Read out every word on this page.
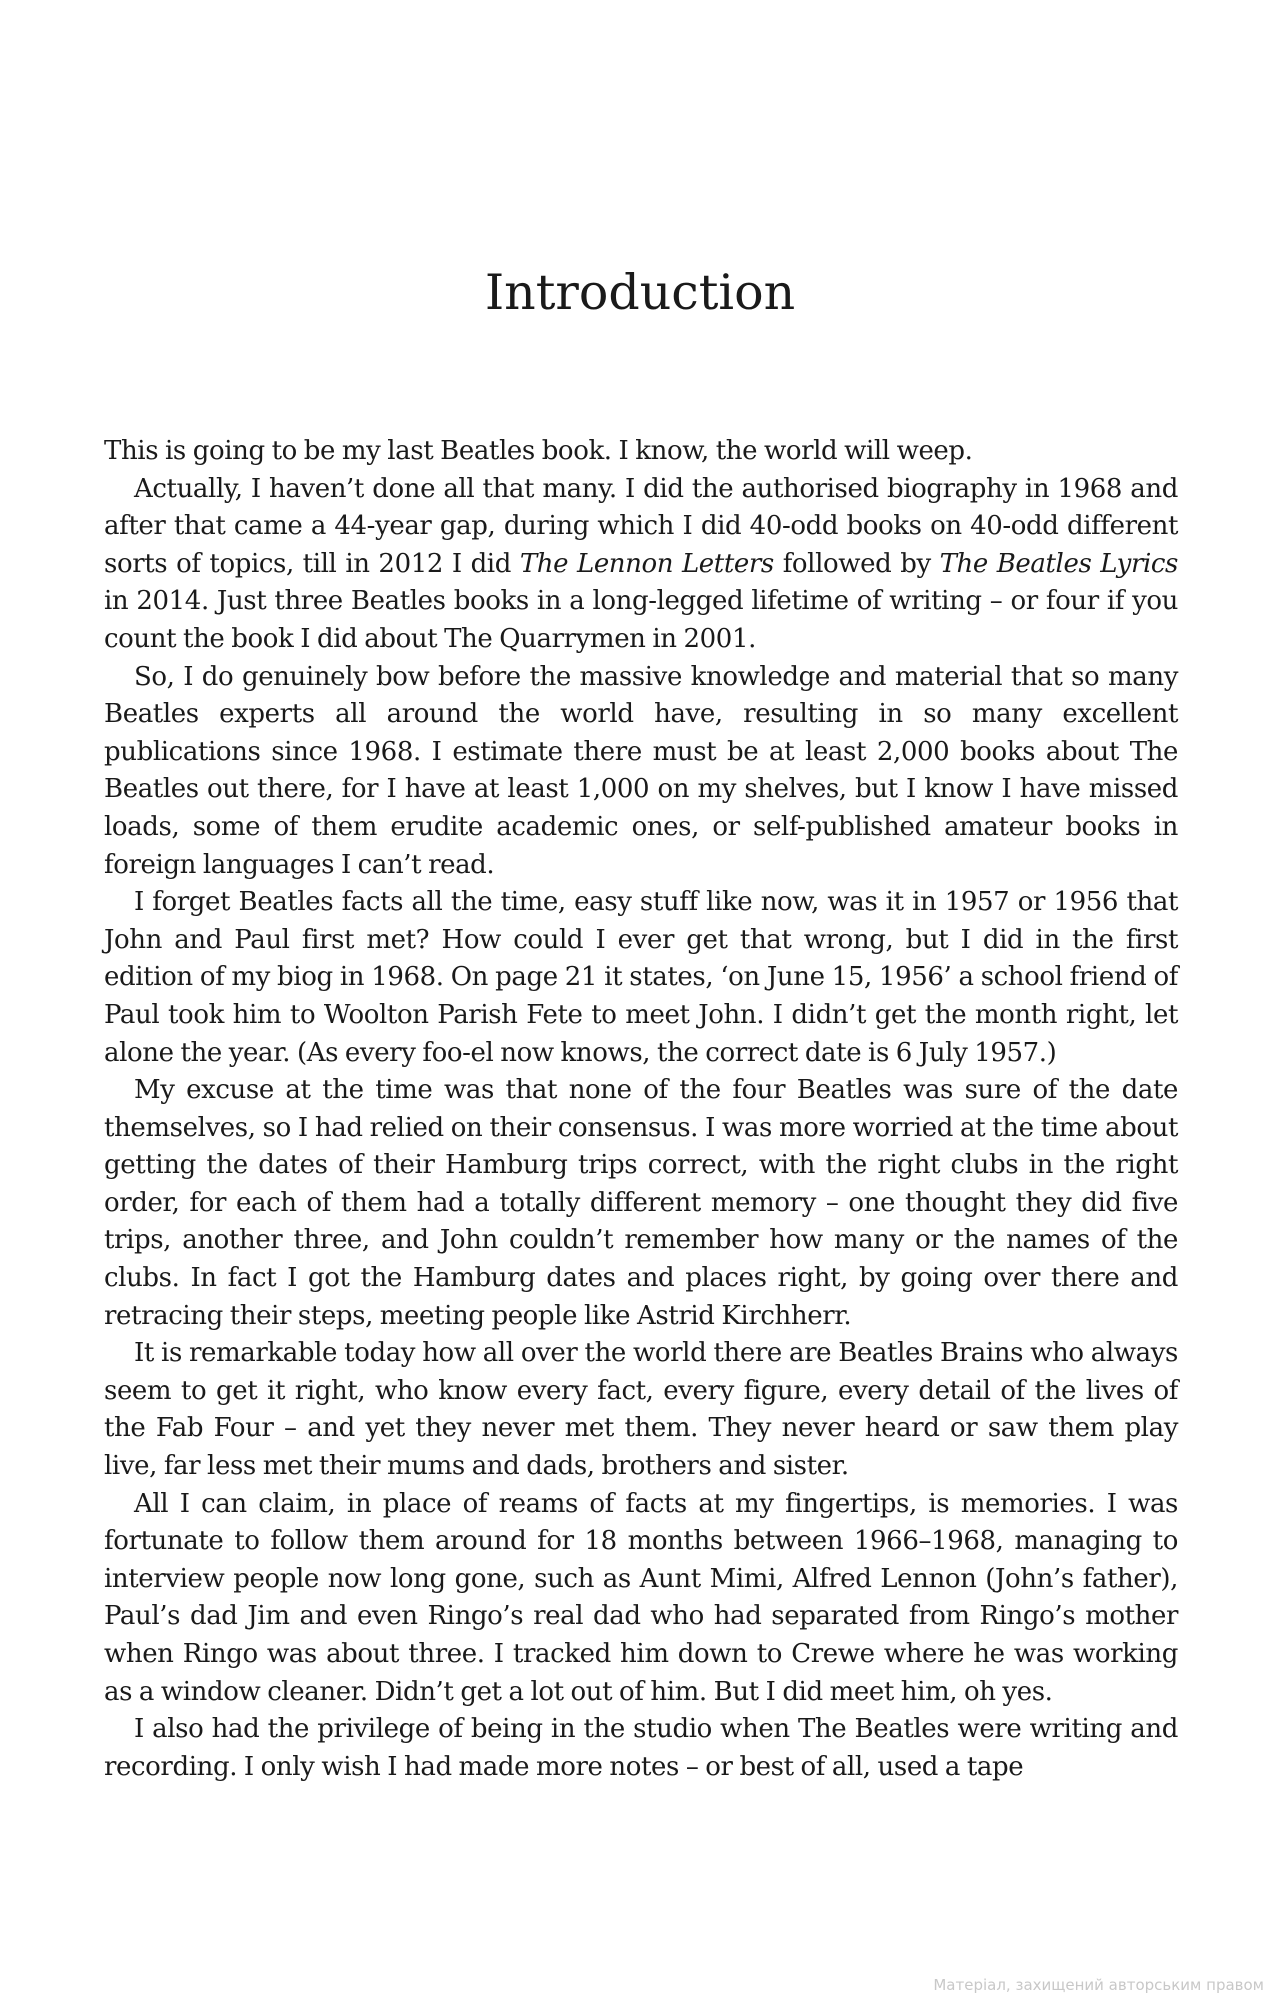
Introduction

This is going to be my last Beatles book. I know, the world will weep.

Actually, I haven’t done all that many. I did the authorised biography in 1968 and after that came a 44-year gap, during which I did 40-odd books on 40-odd different sorts of topics, till in 2012 I did The Lennon Letters followed by The Beatles Lyrics in 2014. Just three Beatles books in a long-legged lifetime of writing – or four if you count the book I did about The Quarrymen in 2001.

So, I do genuinely bow before the massive knowledge and material that so many Beatles experts all around the world have, resulting in so many excellent publications since 1968. I estimate there must be at least 2,000 books about The Beatles out there, for I have at least 1,000 on my shelves, but I know I have missed loads, some of them erudite academic ones, or self-published amateur books in foreign languages I can’t read.

I forget Beatles facts all the time, easy stuff like now, was it in 1957 or 1956 that John and Paul first met? How could I ever get that wrong, but I did in the first edition of my biog in 1968. On page 21 it states, ‘on June 15, 1956’ a school friend of Paul took him to Woolton Parish Fete to meet John. I didn’t get the month right, let alone the year. (As every foo-el now knows, the correct date is 6 July 1957.)

My excuse at the time was that none of the four Beatles was sure of the date themselves, so I had relied on their consensus. I was more worried at the time about getting the dates of their Hamburg trips correct, with the right clubs in the right order, for each of them had a totally different memory – one thought they did five trips, another three, and John couldn’t remember how many or the names of the clubs. In fact I got the Hamburg dates and places right, by going over there and retracing their steps, meeting people like Astrid Kirchherr.

It is remarkable today how all over the world there are Beatles Brains who always seem to get it right, who know every fact, every figure, every detail of the lives of the Fab Four – and yet they never met them. They never heard or saw them play live, far less met their mums and dads, brothers and sister.

All I can claim, in place of reams of facts at my fingertips, is memories. I was fortunate to follow them around for 18 months between 1966–1968, managing to interview people now long gone, such as Aunt Mimi, Alfred Lennon (John’s father), Paul’s dad Jim and even Ringo’s real dad who had separated from Ringo’s mother when Ringo was about three. I tracked him down to Crewe where he was working as a window cleaner. Didn’t get a lot out of him. But I did meet him, oh yes.

I also had the privilege of being in the studio when The Beatles were writing and recording. I only wish I had made more notes – or best of all, used a tape

Матеріал, захищений авторським правом
